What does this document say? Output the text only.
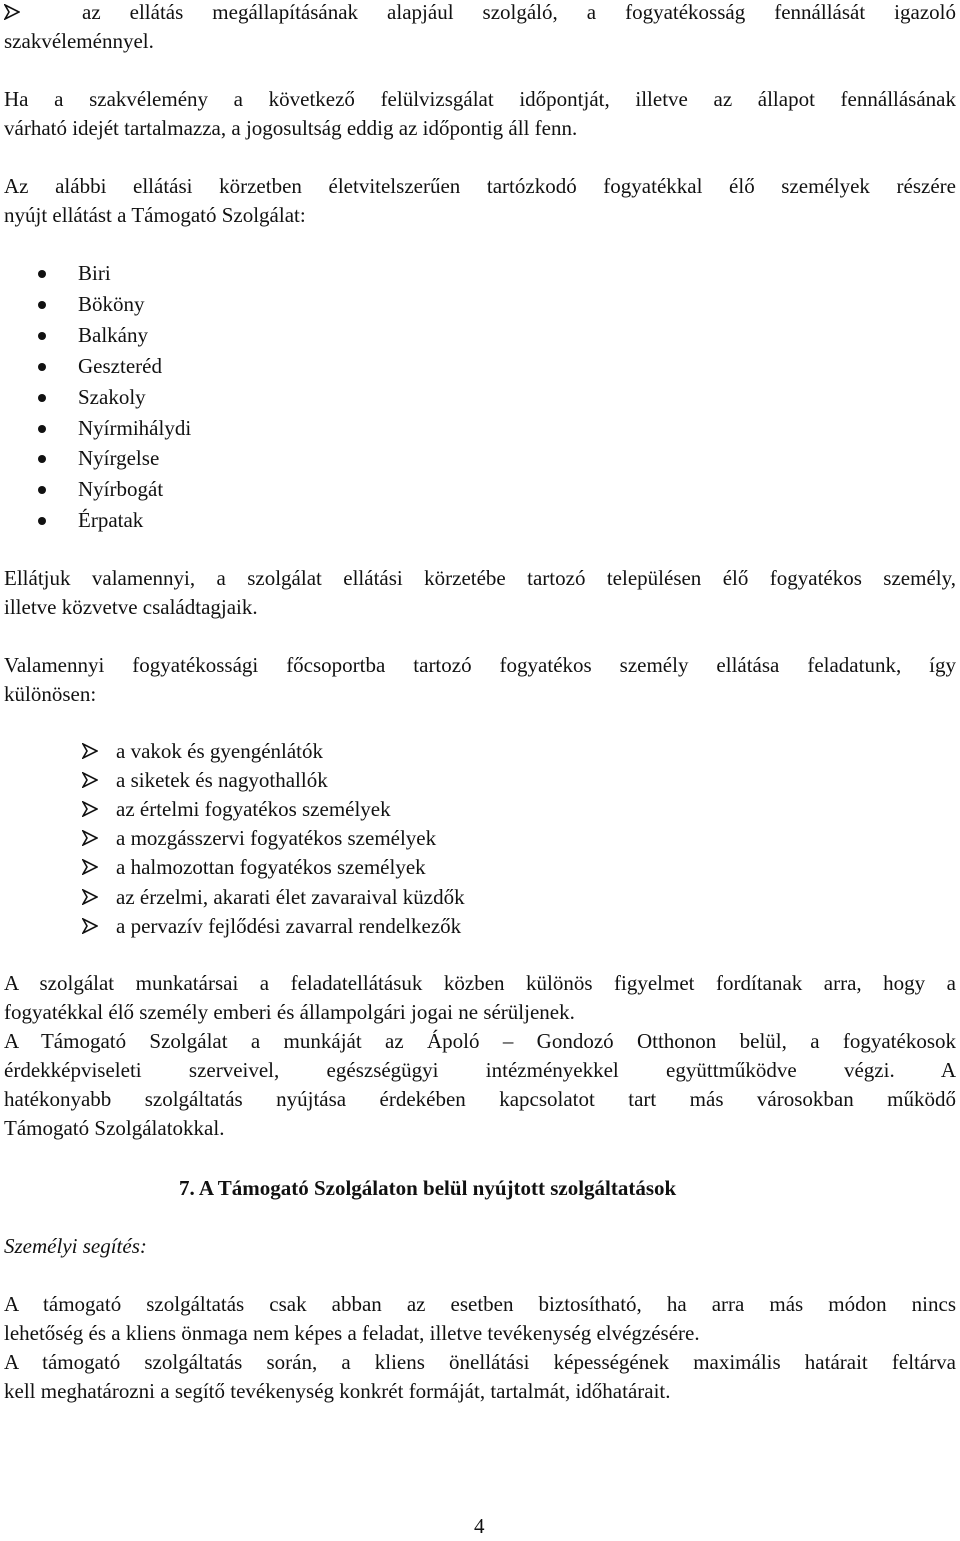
az ellátás megállapításának alapjául szolgáló, a fogyatékosság fennállását igazoló
szakvéleménnyel.
Ha a szakvélemény a következő felülvizsgálat időpontját, illetve az állapot fennállásának
várható idejét tartalmazza, a jogosultság eddig az időpontig áll fenn.
Az alábbi ellátási körzetben életvitelszerűen tartózkodó fogyatékkal élő személyek részére
nyújt ellátást a Támogató Szolgálat:
Biri
Bököny
Balkány
Geszteréd
Szakoly
Nyírmihálydi
Nyírgelse
Nyírbogát
Érpatak
Ellátjuk valamennyi, a szolgálat ellátási körzetébe tartozó településen élő fogyatékos személy,
illetve közvetve családtagjaik.
Valamennyi fogyatékossági főcsoportba tartozó fogyatékos személy ellátása feladatunk, így
különösen:
a vakok és gyengénlátók
a siketek és nagyothallók
az értelmi fogyatékos személyek
a mozgásszervi fogyatékos személyek
a halmozottan fogyatékos személyek
az érzelmi, akarati élet zavaraival küzdők
a pervazív fejlődési zavarral rendelkezők
A szolgálat munkatársai a feladatellátásuk közben különös figyelmet fordítanak arra, hogy a
fogyatékkal élő személy emberi és állampolgári jogai ne sérüljenek.
A Támogató Szolgálat a munkáját az Ápoló – Gondozó Otthonon belül, a fogyatékosok
érdekképviseleti szerveivel, egészségügyi intézményekkel együttműködve végzi. A
hatékonyabb szolgáltatás nyújtása érdekében kapcsolatot tart más városokban működő
Támogató Szolgálatokkal.
7. A Támogató Szolgálaton belül nyújtott szolgáltatások
Személyi segítés:
A támogató szolgáltatás csak abban az esetben biztosítható, ha arra más módon nincs
lehetőség és a kliens önmaga nem képes a feladat, illetve tevékenység elvégzésére.
A támogató szolgáltatás során, a kliens önellátási képességének maximális határait feltárva
kell meghatározni a segítő tevékenység konkrét formáját, tartalmát, időhatárait.
4
